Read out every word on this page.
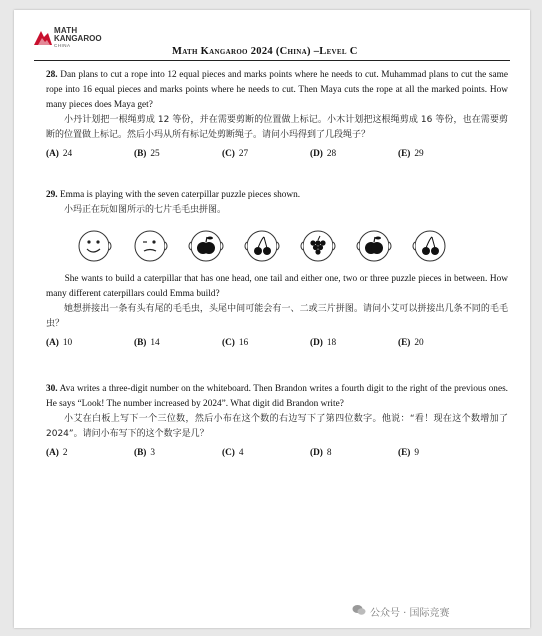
MATH
KANGAROO
CHINA
Math Kangaroo 2024 (China) –Level C
28. Dan plans to cut a rope into 12 equal pieces and marks points where he needs to cut. Muhammad plans to cut the same rope into 16 equal pieces and marks points where he needs to cut. Then Maya cuts the rope at all the marked points. How many pieces does Maya get?
小丹计划把一根绳剪成 12 等份，并在需要剪断的位置做上标记。小木计划把这根绳剪成 16 等份，也在需要剪断的位置做上标记。然后小玛从所有标记处剪断绳子。请问小玛得到了几段绳子？
(A) 24	(B) 25	(C) 27	(D) 28	(E) 29
29. Emma is playing with the seven caterpillar puzzle pieces shown.
小玛正在玩如图所示的七片毛毛虫拼图。
She wants to build a caterpillar that has one head, one tail and either one, two or three puzzle pieces in between. How many different caterpillars could Emma build?
她想拼接出一条有头有尾的毛毛虫，头尾中间可能会有一、二或三片拼图。请问小艾可以拼接出几条不同的毛毛虫？
(A) 10	(B) 14	(C) 16	(D) 18	(E) 20
30. Ava writes a three-digit number on the whiteboard. Then Brandon writes a fourth digit to the right of the previous ones. He says “Look! The number increased by 2024”. What digit did Brandon write?
小艾在白板上写下一个三位数，然后小布在这个数的右边写下了第四位数字。他说：“看！现在这个数增加了 2024”。请问小布写下的这个数字是几？
(A) 2	(B) 3	(C) 4	(D) 8	(E) 9
公众号 · 国际竞赛
